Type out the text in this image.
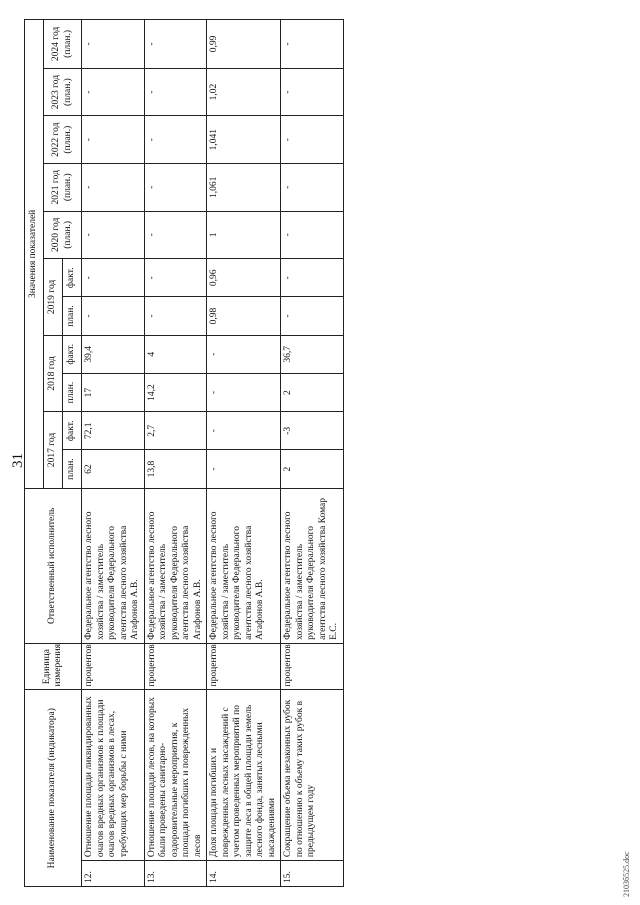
31
2103б525.doc
Наименование показателя (индикатора)		Единица измерения	Ответственный исполнитель	Значения показателей										
				2017 год		2018 год		2019 год		2020 год (план.)	2021 год (план.)	2022 год (план.)	2023 год (план.)	2024 год (план.)
				план.	факт.	план.	факт.	план.	факт.					
12.	Отношение площади ликвидированных очагов вредных организмов к площади очагов вредных организмов в лесах, требующих мер борьбы с ними	процентов	Федеральное агентство лесного хозяйства / заместитель руководителя Федерального агентства лесного хозяйства Агафонов А.В.	62	72,1	17	39,4	-	-	-	-	-	-	-
13.	Отношение площади лесов, на которых были проведены санитарно-оздоровительные мероприятия, к площади погибших и поврежденных лесов	процентов	Федеральное агентство лесного хозяйства / заместитель руководителя Федерального агентства лесного хозяйства Агафонов А.В.	13,8	2,7	14,2	4	-	-	-	-	-	-	-
14.	Доля площади погибших и поврежденных лесных насаждений с учетом проведенных мероприятий по защите леса в общей площади земель лесного фонда, занятых лесными насаждениями	процентов	Федеральное агентство лесного хозяйства / заместитель руководителя Федерального агентства лесного хозяйства Агафонов А.В.	-	-	-	-	0,98	0,96	1	1,061	1,041	1,02	0,99
15.	Сокращение объема незаконных рубок по отношению к объему таких рубок в предыдущем году	процентов	Федеральное агентство лесного хозяйства / заместитель руководителя Федерального агентства лесного хозяйства Комар Е.С.	2	-3	2	36,7	-	-	-	-	-	-	-
